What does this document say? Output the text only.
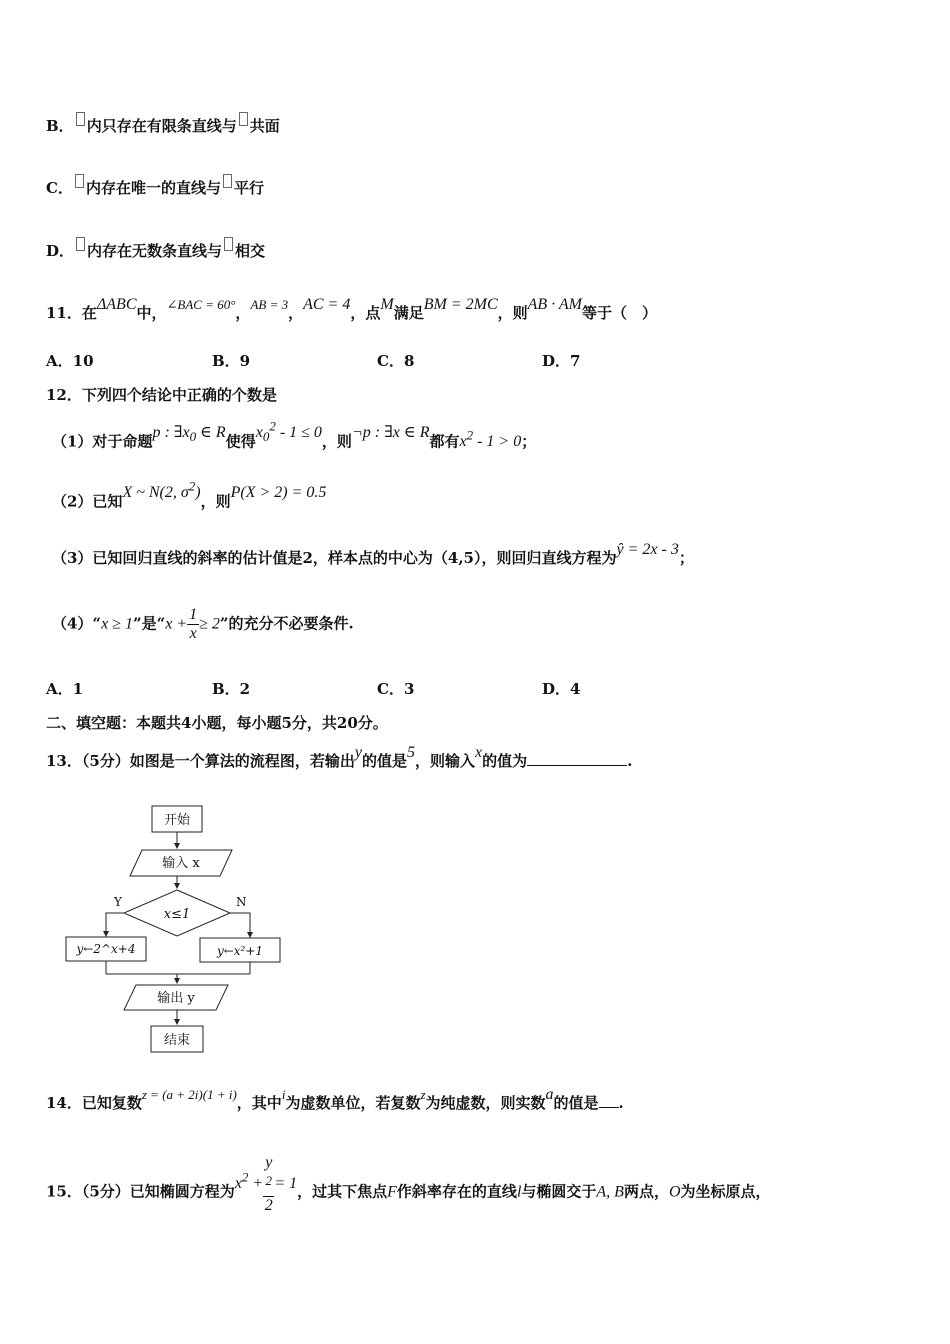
B． 内只存在有限条直线与 共面
C． 内存在唯一的直线与 平行
D． 内存在无数条直线与 相交
11．在ΔABC中，∠BAC = 60°，AB = 3，AC = 4，点M满足BM = 2MC，则AB · AM等于（　）
A．10	B．9	C．8	D．7
12．下列四个结论中正确的个数是
（1）对于命题p : $\exists x_0$ ∈ R使得$x_0^2 - 1 \le 0$，则¬p : ∃x ∈ R都有$x^2 - 1 > 0$；
（2）已知X ~ N(2, $\sigma^2$)，则P(X > 2) = 0.5
（3）已知回归直线的斜率的估计值是2，样本点的中心为（4,5），则回归直线方程为ŷ = 2x - 3；
（4）“x ≥ 1”是“$x + \frac{1}{x} \ge 2$”的充分不必要条件.
A．1	B．2	C．3	D．4
二、填空题：本题共4小题，每小题5分，共20分。
13．（5分）如图是一个算法的流程图，若输出y的值是5，则输入x的值为	.
开始
输入 x
x≤1
Y	N
y←2^x+4	y←x²+1
输出 y
结束
14．已知复数z = (a + 2i)(1 + i)，其中i为虚数单位，若复数z为纯虚数，则实数a的值是 .
15．（5分）已知椭圆方程为$x^2 + y$
$^2$
2 = 1，过其下焦点F作斜率存在的直线l与椭圆交于A, B两点，O为坐标原点，
